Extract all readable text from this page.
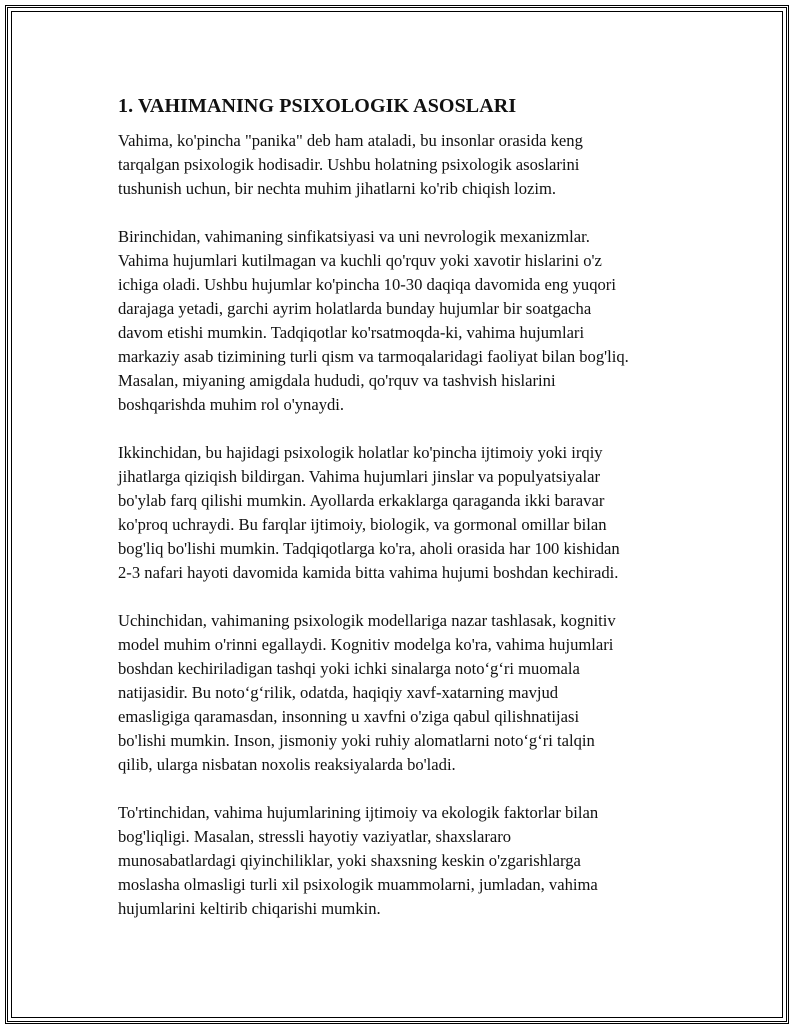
1. VAHIMANING PSIXOLOGIK ASOSLARI
Vahima, ko'pincha "panika" deb ham ataladi, bu insonlar orasida keng
tarqalgan psixologik hodisadir. Ushbu holatning psixologik asoslarini
tushunish uchun, bir nechta muhim jihatlarni ko'rib chiqish lozim.
Birinchidan, vahimaning sinfikatsiyasi va uni nevrologik mexanizmlar.
Vahima hujumlari kutilmagan va kuchli qo'rquv yoki xavotir hislarini o'z
ichiga oladi. Ushbu hujumlar ko'pincha 10-30 daqiqa davomida eng yuqori
darajaga yetadi, garchi ayrim holatlarda bunday hujumlar bir soatgacha
davom etishi mumkin. Tadqiqotlar ko'rsatmoqda-ki, vahima hujumlari
markaziy asab tizimining turli qism va tarmoqalaridagi faoliyat bilan bog'liq.
Masalan, miyaning amigdala hududi, qo'rquv va tashvish hislarini
boshqarishda muhim rol o'ynaydi.
Ikkinchidan, bu hajidagi psixologik holatlar ko'pincha ijtimoiy yoki irqiy
jihatlarga qiziqish bildirgan. Vahima hujumlari jinslar va populyatsiyalar
bo'ylab farq qilishi mumkin. Ayollarda erkaklarga qaraganda ikki baravar
ko'proq uchraydi. Bu farqlar ijtimoiy, biologik, va gormonal omillar bilan
bog'liq bo'lishi mumkin. Tadqiqotlarga ko'ra, aholi orasida har 100 kishidan
2-3 nafari hayoti davomida kamida bitta vahima hujumi boshdan kechiradi.
Uchinchidan, vahimaning psixologik modellariga nazar tashlasak, kognitiv
model muhim o'rinni egallaydi. Kognitiv modelga ko'ra, vahima hujumlari
boshdan kechiriladigan tashqi yoki ichki sinalarga noto‘g‘ri muomala
natijasidir. Bu noto‘g‘rilik, odatda, haqiqiy xavf-xatarning mavjud
emasligiga qaramasdan, insonning u xavfni o'ziga qabul qilishnatijasi
bo'lishi mumkin. Inson, jismoniy yoki ruhiy alomatlarni noto‘g‘ri talqin
qilib, ularga nisbatan noxolis reaksiyalarda bo'ladi.
To'rtinchidan, vahima hujumlarining ijtimoiy va ekologik faktorlar bilan
bog'liqligi. Masalan, stressli hayotiy vaziyatlar, shaxslararo
munosabatlardagi qiyinchiliklar, yoki shaxsning keskin o'zgarishlarga
moslasha olmasligi turli xil psixologik muammolarni, jumladan, vahima
hujumlarini keltirib chiqarishi mumkin.
